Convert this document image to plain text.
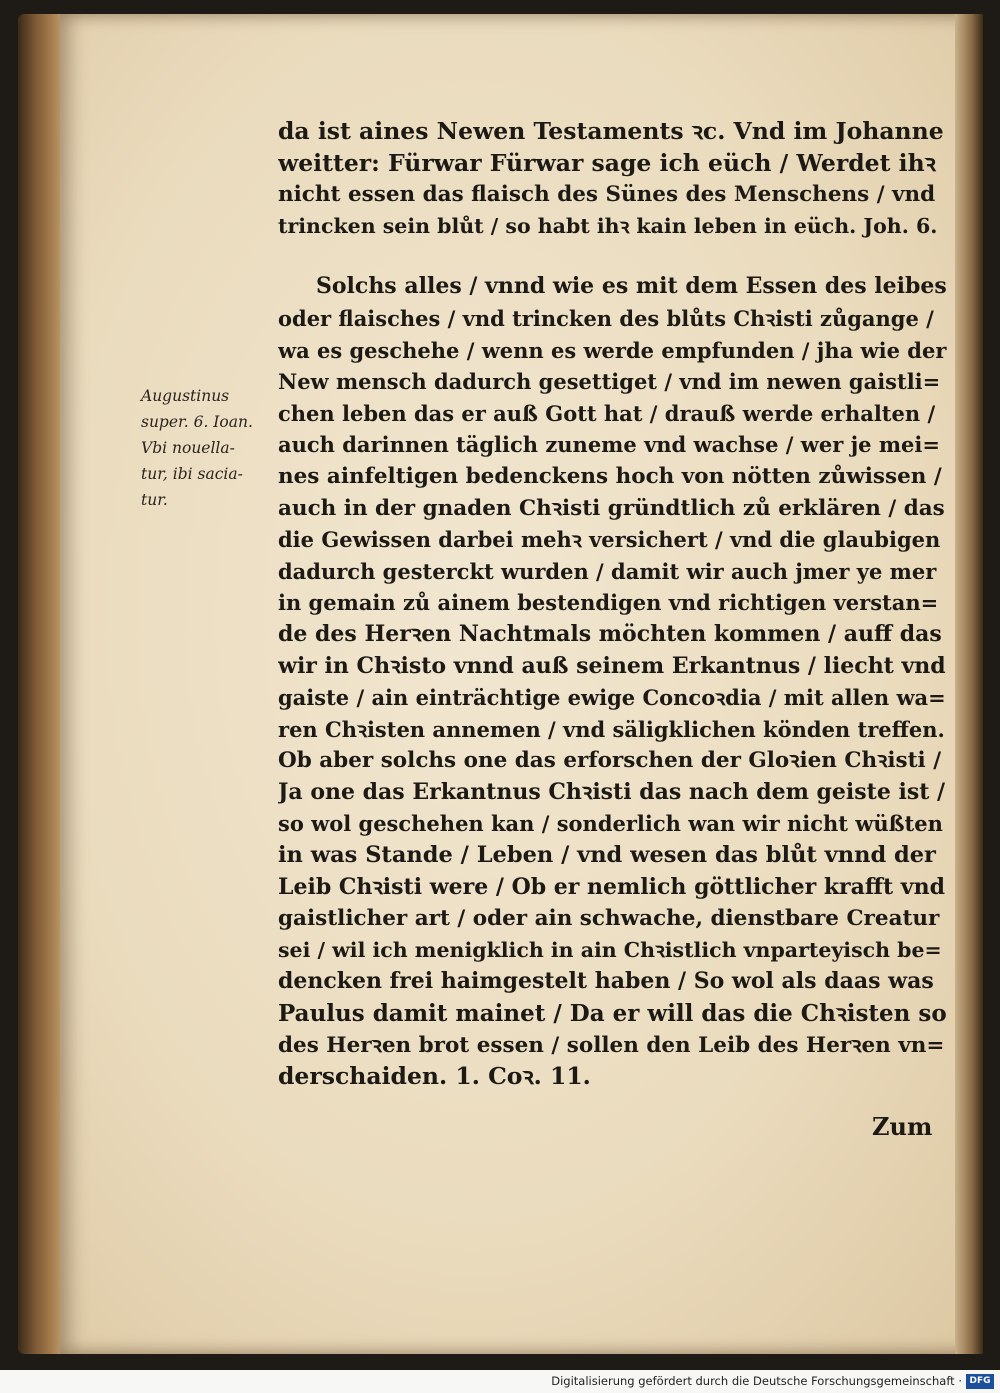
Augustinus
super. 6. Ioan.
Vbi nouella-
tur, ibi sacia-
tur.
da ist aines Newen Testaments ꝛc. Vnd im Johanne
weitter: Fürwar Fürwar sage ich eüch / Werdet ihꝛ
nicht essen das flaisch des Sünes des Menschens / vnd
trincken sein blůt / so habt ihꝛ kain leben in eüch. Joh. 6.
Solchs alles / vnnd wie es mit dem Essen des leibes
oder flaisches / vnd trincken des blůts Chꝛisti zůgange /
wa es geschehe / wenn es werde empfunden / jha wie der
New mensch dadurch gesettiget / vnd im newen gaistli=
chen leben das er auß Gott hat / drauß werde erhalten /
auch darinnen täglich zuneme vnd wachse / wer je mei=
nes ainfeltigen bedenckens hoch von nötten zůwissen /
auch in der gnaden Chꝛisti gründtlich zů erklären / das
die Gewissen darbei mehꝛ versichert / vnd die glaubigen
dadurch gesterckt wurden / damit wir auch jmer ye mer
in gemain zů ainem bestendigen vnd richtigen verstan=
de des Herꝛen Nachtmals möchten kommen / auff das
wir in Chꝛisto vnnd auß seinem Erkantnus / liecht vnd
gaiste / ain einträchtige ewige Concoꝛdia / mit allen wa=
ren Chꝛisten annemen / vnd säligklichen könden treffen.
Ob aber solchs one das erforschen der Gloꝛien Chꝛisti /
Ja one das Erkantnus Chꝛisti das nach dem geiste ist /
so wol geschehen kan / sonderlich wan wir nicht wüßten
in was Stande / Leben / vnd wesen das blůt vnnd der
Leib Chꝛisti were / Ob er nemlich göttlicher krafft vnd
gaistlicher art / oder ain schwache, dienstbare Creatur
sei / wil ich menigklich in ain Chꝛistlich vnparteyisch be=
dencken frei haimgestelt haben / So wol als daas was
Paulus damit mainet / Da er will das die Chꝛisten so
des Herꝛen brot essen / sollen den Leib des Herꝛen vn=
derschaiden. 1. Coꝛ. 11.
Zum
Digitalisierung gefördert durch die Deutsche Forschungsgemeinschaft · DFG
